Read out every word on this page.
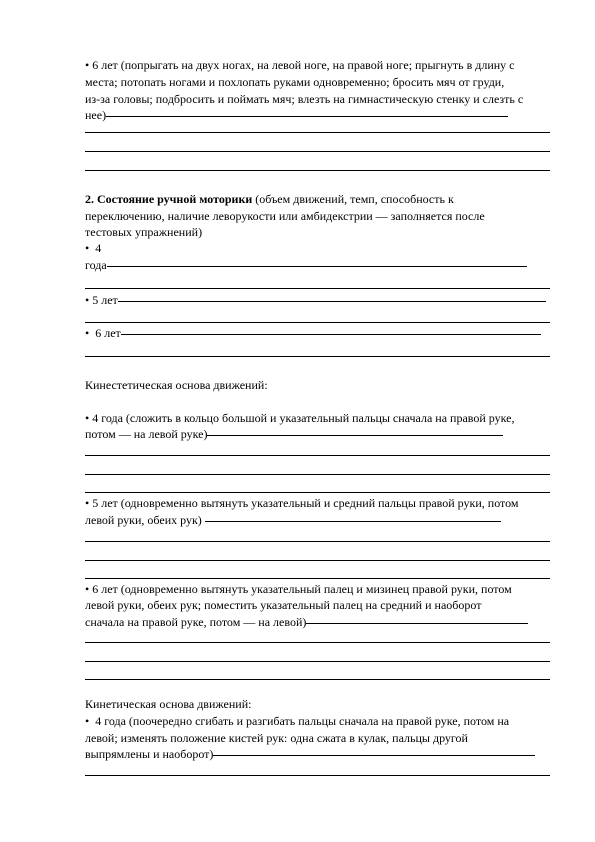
• 6 лет (попрыгать на двух ногах, на левой ноге, на правой ноге; прыгнуть в длину с

места; потопать ногами и похлопать руками одновременно; бросить мяч от груди,

из-за головы; подбросить и поймать мяч; влезть на гимнастическую стенку и слезть с

нее)

2. Состояние ручной моторики (объем движений, темп, способность к

переключению, наличие леворукости или амбидекстрии — заполняется после

тестовых упражнений)

•  4

года

• 5 лет

•  6 лет

Кинестетическая основа движений:

• 4 года (сложить в кольцо большой и указательный пальцы сначала на правой руке,

потом — на левой руке)

• 5 лет (одновременно вытянуть указательный и средний пальцы правой руки, потом

левой руки, обеих рук)

• 6 лет (одновременно вытянуть указательный палец и мизинец правой руки, потом

левой руки, обеих рук; поместить указательный палец на средний и наоборот

сначала на правой руке, потом — на левой)

Кинетическая основа движений:

•  4 года (поочередно сгибать и разгибать пальцы сначала на правой руке, потом на

левой; изменять положение кистей рук: одна сжата в кулак, пальцы другой

выпрямлены и наоборот)
